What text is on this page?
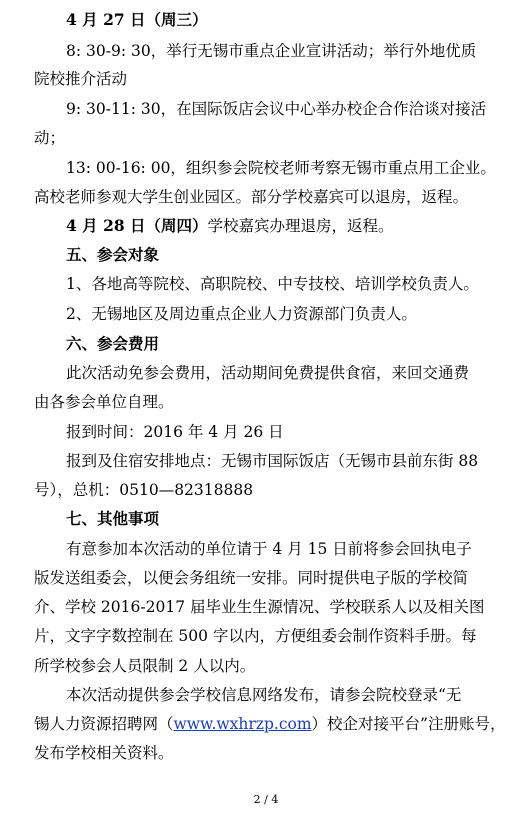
4 月 27 日（周三）
8: 30-9: 30，举行无锡市重点企业宣讲活动；举行外地优质
院校推介活动
9: 30-11: 30，在国际饭店会议中心举办校企合作洽谈对接活
动；
13: 00-16: 00，组织参会院校老师考察无锡市重点用工企业。
高校老师参观大学生创业园区。部分学校嘉宾可以退房，返程。
4 月 28 日（周四）学校嘉宾办理退房，返程。
五、参会对象
1、各地高等院校、高职院校、中专技校、培训学校负责人。
2、无锡地区及周边重点企业人力资源部门负责人。
六、参会费用
此次活动免参会费用，活动期间免费提供食宿，来回交通费
由各参会单位自理。
报到时间：2016 年 4 月 26 日
报到及住宿安排地点：无锡市国际饭店（无锡市县前东街 88
号），总机：0510—82318888
七、其他事项
有意参加本次活动的单位请于 4 月 15 日前将参会回执电子
版发送组委会，以便会务组统一安排。同时提供电子版的学校简
介、学校 2016-2017 届毕业生生源情况、学校联系人以及相关图
片，文字字数控制在 500 字以内，方便组委会制作资料手册。每
所学校参会人员限制 2 人以内。
本次活动提供参会学校信息网络发布，请参会院校登录“无
锡人力资源招聘网（www.wxhrzp.com）校企对接平台”注册账号，
发布学校相关资料。
2 / 4
